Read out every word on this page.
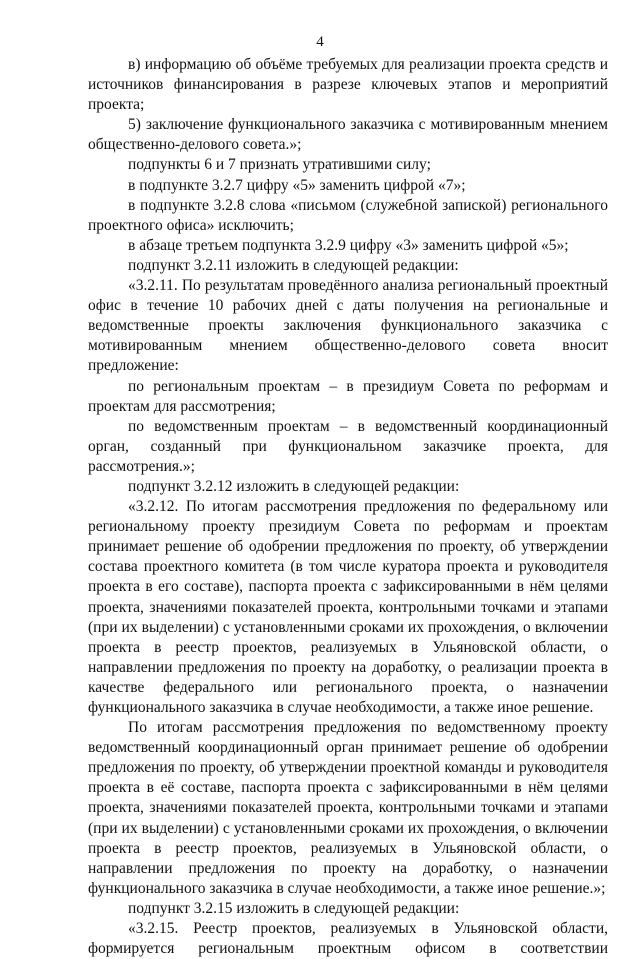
4

в) информацию об объёме требуемых для реализации проекта средств и источников финансирования в разрезе ключевых этапов и мероприятий проекта;

5) заключение функционального заказчика с мотивированным мнением общественно-делового совета.»;

подпункты 6 и 7 признать утратившими силу;

в подпункте 3.2.7 цифру «5» заменить цифрой «7»;

в подпункте 3.2.8 слова «письмом (служебной запиской) регионального проектного офиса» исключить;

в абзаце третьем подпункта 3.2.9 цифру «3» заменить цифрой «5»;

подпункт 3.2.11 изложить в следующей редакции:

«3.2.11. По результатам проведённого анализа региональный проектный офис в течение 10 рабочих дней с даты получения на региональные и ведомственные проекты заключения функционального заказчика с мотивированным мнением общественно-делового совета вносит предложение:

по региональным проектам – в президиум Совета по реформам и проектам для рассмотрения;

по ведомственным проектам – в ведомственный координационный орган, созданный при функциональном заказчике проекта, для рассмотрения.»;

подпункт 3.2.12 изложить в следующей редакции:

«3.2.12. По итогам рассмотрения предложения по федеральному или региональному проекту президиум Совета по реформам и проектам принимает решение об одобрении предложения по проекту, об утверждении состава проектного комитета (в том числе куратора проекта и руководителя проекта в его составе), паспорта проекта с зафиксированными в нём целями проекта, значениями показателей проекта, контрольными точками и этапами (при их выделении) с установленными сроками их прохождения, о включении проекта в реестр проектов, реализуемых в Ульяновской области, о направлении предложения по проекту на доработку, о реализации проекта в качестве федерального или регионального проекта, о назначении функционального заказчика в случае необходимости, а также иное решение.

По итогам рассмотрения предложения по ведомственному проекту ведомственный координационный орган принимает решение об одобрении предложения по проекту, об утверждении проектной команды и руководителя проекта в её составе, паспорта проекта с зафиксированными в нём целями проекта, значениями показателей проекта, контрольными точками и этапами (при их выделении) с установленными сроками их прохождения, о включении проекта в реестр проектов, реализуемых в Ульяновской области, о направлении предложения по проекту на доработку, о назначении функционального заказчика в случае необходимости, а также иное решение.»;

подпункт 3.2.15 изложить в следующей редакции:

«3.2.15. Реестр проектов, реализуемых в Ульяновской области, формируется региональным проектным офисом в соответствии
